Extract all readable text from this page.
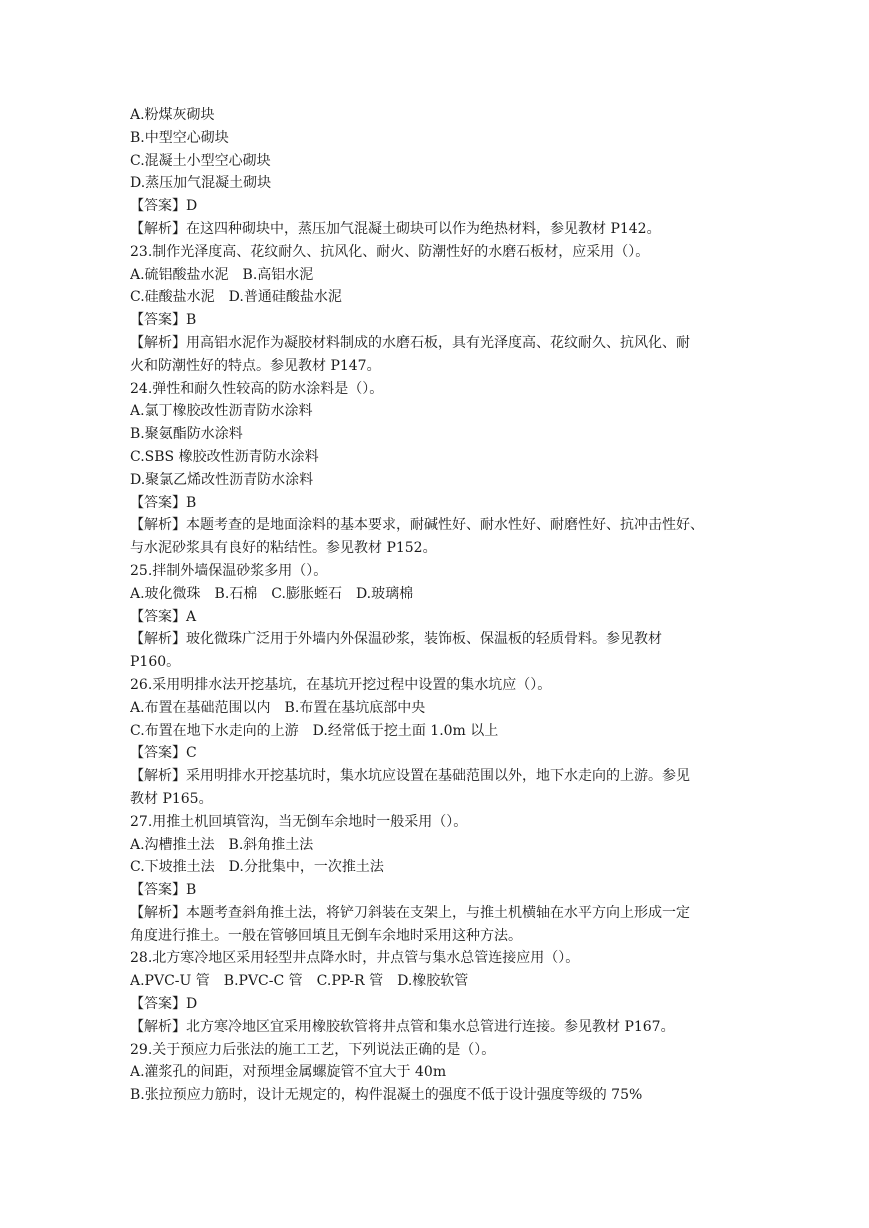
A.粉煤灰砌块
B.中型空心砌块
C.混凝土小型空心砌块
D.蒸压加气混凝土砌块
【答案】D
【解析】在这四种砌块中，蒸压加气混凝土砌块可以作为绝热材料，参见教材 P142。
23.制作光泽度高、花纹耐久、抗风化、耐火、防潮性好的水磨石板材，应采用（）。
A.硫铝酸盐水泥　B.高铝水泥
C.硅酸盐水泥　D.普通硅酸盐水泥
【答案】B
【解析】用高铝水泥作为凝胶材料制成的水磨石板，具有光泽度高、花纹耐久、抗风化、耐
火和防潮性好的特点。参见教材 P147。
24.弹性和耐久性较高的防水涂料是（）。
A.氯丁橡胶改性沥青防水涂料
B.聚氨酯防水涂料
C.SBS 橡胶改性沥青防水涂料
D.聚氯乙烯改性沥青防水涂料
【答案】B
【解析】本题考查的是地面涂料的基本要求，耐碱性好、耐水性好、耐磨性好、抗冲击性好、
与水泥砂浆具有良好的粘结性。参见教材 P152。
25.拌制外墙保温砂浆多用（）。
A.玻化微珠　B.石棉　C.膨胀蛭石　D.玻璃棉
【答案】A
【解析】玻化微珠广泛用于外墙内外保温砂浆，装饰板、保温板的轻质骨料。参见教材
P160。
26.采用明排水法开挖基坑，在基坑开挖过程中设置的集水坑应（）。
A.布置在基础范围以内　B.布置在基坑底部中央
C.布置在地下水走向的上游　D.经常低于挖土面 1.0m 以上
【答案】C
【解析】采用明排水开挖基坑时，集水坑应设置在基础范围以外，地下水走向的上游。参见
教材 P165。
27.用推土机回填管沟，当无倒车余地时一般采用（）。
A.沟槽推土法　B.斜角推土法
C.下坡推土法　D.分批集中，一次推土法
【答案】B
【解析】本题考查斜角推土法，将铲刀斜装在支架上，与推土机横轴在水平方向上形成一定
角度进行推土。一般在管够回填且无倒车余地时采用这种方法。
28.北方寒冷地区采用轻型井点降水时，井点管与集水总管连接应用（）。
A.PVC-U 管　B.PVC-C 管　C.PP-R 管　D.橡胶软管
【答案】D
【解析】北方寒冷地区宜采用橡胶软管将井点管和集水总管进行连接。参见教材 P167。
29.关于预应力后张法的施工工艺，下列说法正确的是（）。
A.灌浆孔的间距，对预埋金属螺旋管不宜大于 40m
B.张拉预应力筋时，设计无规定的，构件混凝土的强度不低于设计强度等级的 75%
